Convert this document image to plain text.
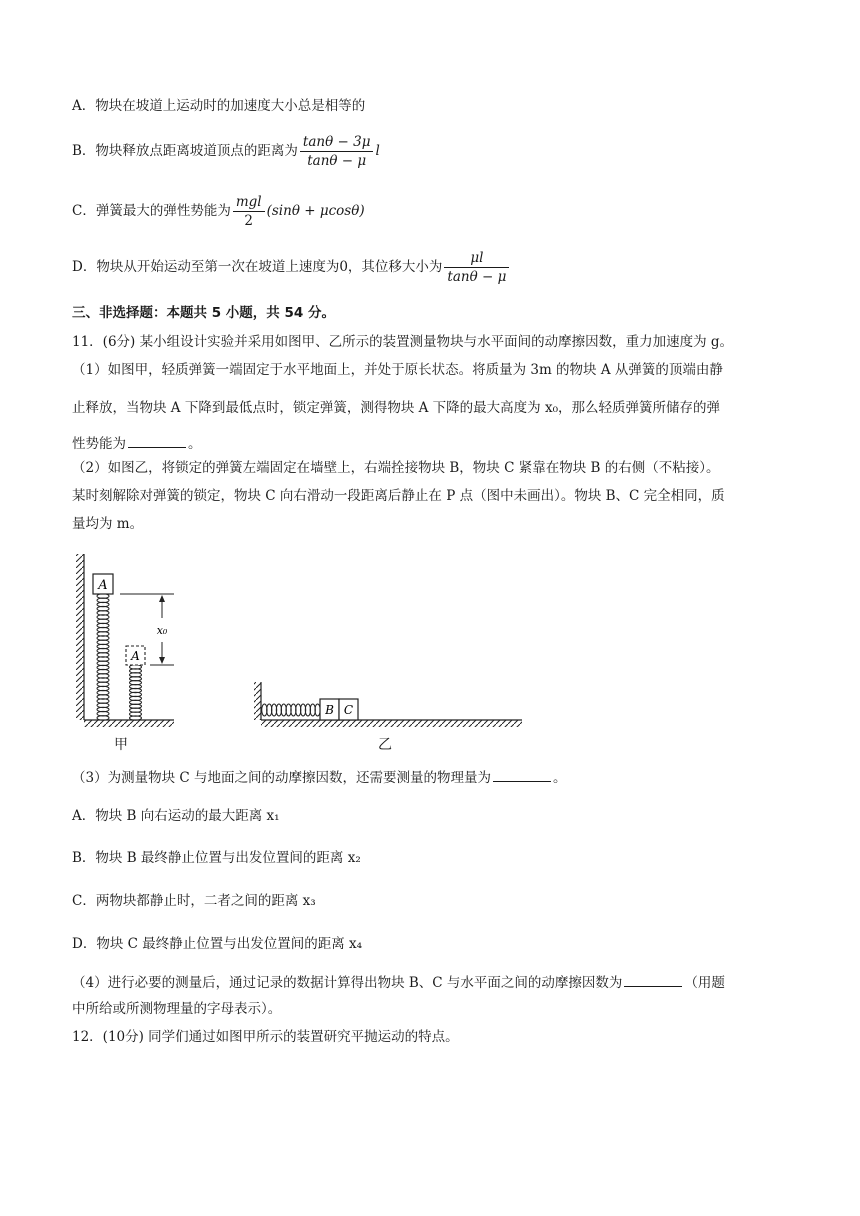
A．物块在坡道上运动时的加速度大小总是相等的
B．物块释放点距离坡道顶点的距离为 $\frac{\tan\theta - 3\mu}{\tan\theta - \mu}$ l
C．弹簧最大的弹性势能为 $\frac{\text{mgl}}{2} (\sin\theta + \mu\cos\theta)$
D．物块从开始运动至第一次在坡道上速度为0，其位移大小为 $\frac{\mu l}{\tan\theta - \mu}$
三、非选择题：本题共 5 小题，共 54 分。
11．(6分) 某小组设计实验并采用如图甲、乙所示的装置测量物块与水平面间的动摩擦因数，重力加速度为 g。
（1）如图甲，轻质弹簧一端固定于水平地面上，并处于原长状态。将质量为 3m 的物块 A 从弹簧的顶端由静
止释放，当物块 A 下降到最低点时，锁定弹簧，测得物块 A 下降的最大高度为 x₀，那么轻质弹簧所储存的弹
性势能为	。
（2）如图乙，将锁定的弹簧左端固定在墙壁上，右端拴接物块 B，物块 C 紧靠在物块 B 的右侧（不粘接）。
某时刻解除对弹簧的锁定，物块 C 向右滑动一段距离后静止在 P 点（图中未画出）。物块 B、C 完全相同，质
量均为 m。
A
A
x₀
B C
甲	乙
（3）为测量物块 C 与地面之间的动摩擦因数，还需要测量的物理量为	。
A．物块 B 向右运动的最大距离 x₁
B．物块 B 最终静止位置与出发位置间的距离 x₂
C．两物块都静止时，二者之间的距离 x₃
D．物块 C 最终静止位置与出发位置间的距离 x₄
（4）进行必要的测量后，通过记录的数据计算得出物块 B、C 与水平面之间的动摩擦因数为	（用题
中所给或所测物理量的字母表示）。
12．(10分) 同学们通过如图甲所示的装置研究平抛运动的特点。
